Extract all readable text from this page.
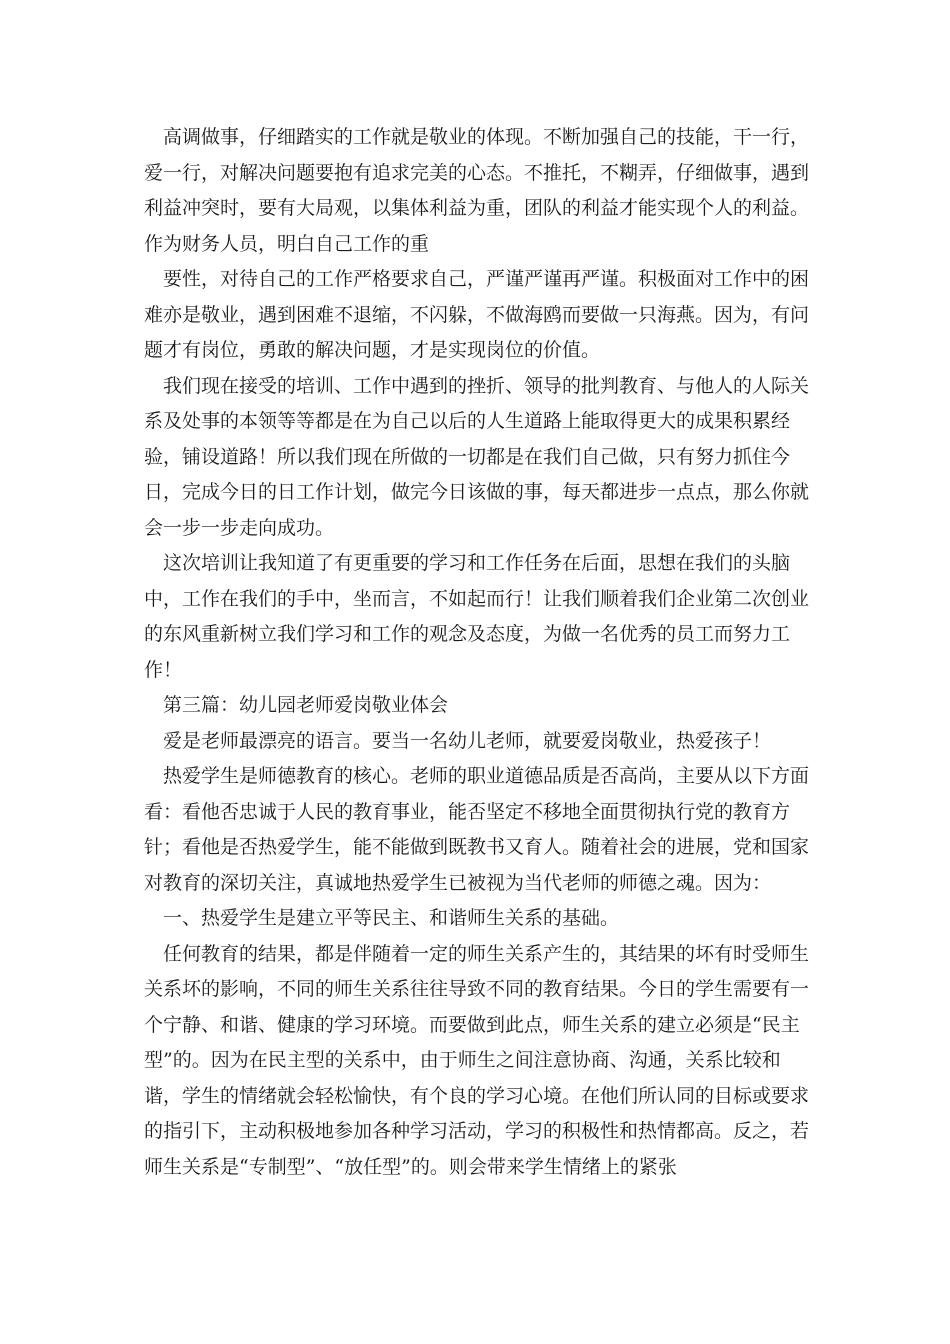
高调做事，仔细踏实的工作就是敬业的体现。不断加强自己的技能，干一行，爱一行，对解决问题要抱有追求完美的心态。不推托，不糊弄，仔细做事，遇到利益冲突时，要有大局观，以集体利益为重，团队的利益才能实现个人的利益。作为财务人员，明白自己工作的重

要性，对待自己的工作严格要求自己，严谨严谨再严谨。积极面对工作中的困难亦是敬业，遇到困难不退缩，不闪躲，不做海鸥而要做一只海燕。因为，有问题才有岗位，勇敢的解决问题，才是实现岗位的价值。

我们现在接受的培训、工作中遇到的挫折、领导的批判教育、与他人的人际关系及处事的本领等等都是在为自己以后的人生道路上能取得更大的成果积累经验，铺设道路！所以我们现在所做的一切都是在我们自己做，只有努力抓住今日，完成今日的日工作计划，做完今日该做的事，每天都进步一点点，那么你就会一步一步走向成功。

这次培训让我知道了有更重要的学习和工作任务在后面，思想在我们的头脑中，工作在我们的手中，坐而言，不如起而行！让我们顺着我们企业第二次创业的东风重新树立我们学习和工作的观念及态度，为做一名优秀的员工而努力工作！

第三篇：幼儿园老师爱岗敬业体会

爱是老师最漂亮的语言。要当一名幼儿老师，就要爱岗敬业，热爱孩子！

热爱学生是师德教育的核心。老师的职业道德品质是否高尚，主要从以下方面看：看他否忠诚于人民的教育事业，能否坚定不移地全面贯彻执行党的教育方针；看他是否热爱学生，能不能做到既教书又育人。随着社会的进展，党和国家对教育的深切关注，真诚地热爱学生已被视为当代老师的师德之魂。因为：

一、热爱学生是建立平等民主、和谐师生关系的基础。

任何教育的结果，都是伴随着一定的师生关系产生的，其结果的坏有时受师生关系坏的影响，不同的师生关系往往导致不同的教育结果。今日的学生需要有一个宁静、和谐、健康的学习环境。而要做到此点，师生关系的建立必须是“民主型”的。因为在民主型的关系中，由于师生之间注意协商、沟通，关系比较和谐，学生的情绪就会轻松愉快，有个良的学习心境。在他们所认同的目标或要求的指引下，主动积极地参加各种学习活动，学习的积极性和热情都高。反之，若师生关系是“专制型”、“放任型”的。则会带来学生情绪上的紧张
